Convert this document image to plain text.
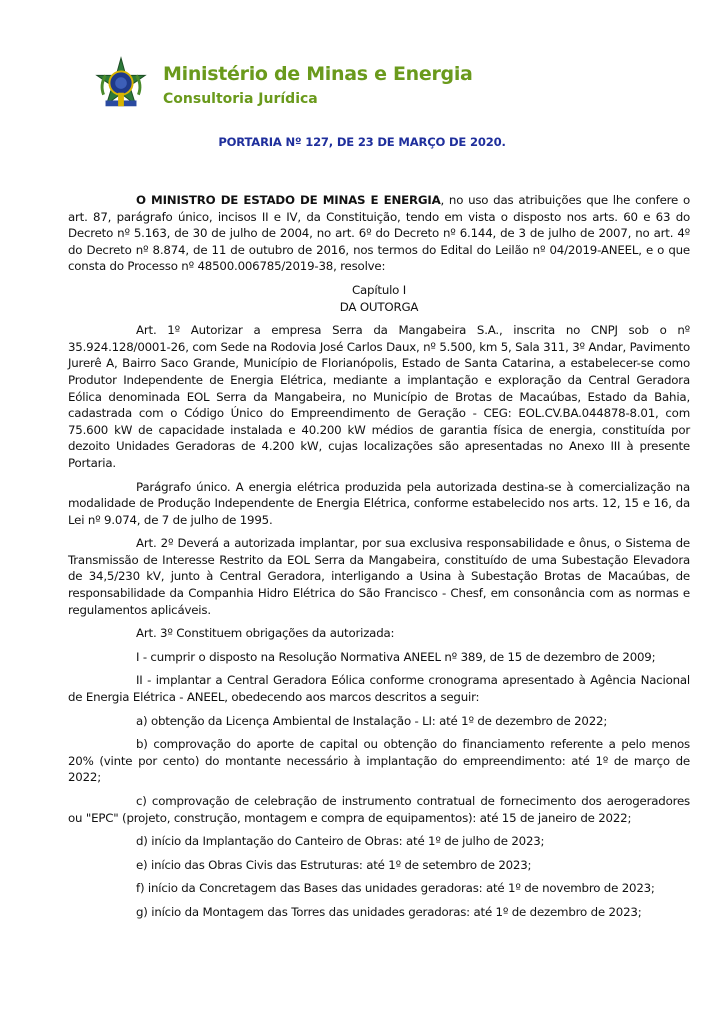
Ministério de Minas e Energia
Consultoria Jurídica
PORTARIA Nº 127, DE 23 DE MARÇO DE 2020.

O MINISTRO DE ESTADO DE MINAS E ENERGIA, no uso das atribuições que lhe confere o art. 87, parágrafo único, incisos II e IV, da Constituição, tendo em vista o disposto nos arts. 60 e 63 do Decreto nº 5.163, de 30 de julho de 2004, no art. 6º do Decreto nº 6.144, de 3 de julho de 2007, no art. 4º do Decreto nº 8.874, de 11 de outubro de 2016, nos termos do Edital do Leilão nº 04/2019-ANEEL, e o que consta do Processo nº 48500.006785/2019-38, resolve:

Capítulo I

DA OUTORGA

Art. 1º Autorizar a empresa Serra da Mangabeira S.A., inscrita no CNPJ sob o nº 35.924.128/0001-26, com Sede na Rodovia José Carlos Daux, nº 5.500, km 5, Sala 311, 3º Andar, Pavimento Jurerê A, Bairro Saco Grande, Município de Florianópolis, Estado de Santa Catarina, a estabelecer-se como Produtor Independente de Energia Elétrica, mediante a implantação e exploração da Central Geradora Eólica denominada EOL Serra da Mangabeira, no Município de Brotas de Macaúbas, Estado da Bahia, cadastrada com o Código Único do Empreendimento de Geração - CEG: EOL.CV.BA.044878-8.01, com 75.600 kW de capacidade instalada e 40.200 kW médios de garantia física de energia, constituída por dezoito Unidades Geradoras de 4.200 kW, cujas localizações são apresentadas no Anexo III à presente Portaria.

Parágrafo único. A energia elétrica produzida pela autorizada destina-se à comercialização na modalidade de Produção Independente de Energia Elétrica, conforme estabelecido nos arts. 12, 15 e 16, da Lei nº 9.074, de 7 de julho de 1995.

Art. 2º Deverá a autorizada implantar, por sua exclusiva responsabilidade e ônus, o Sistema de Transmissão de Interesse Restrito da EOL Serra da Mangabeira, constituído de uma Subestação Elevadora de 34,5/230 kV, junto à Central Geradora, interligando a Usina à Subestação Brotas de Macaúbas, de responsabilidade da Companhia Hidro Elétrica do São Francisco - Chesf, em consonância com as normas e regulamentos aplicáveis.

Art. 3º Constituem obrigações da autorizada:

I - cumprir o disposto na Resolução Normativa ANEEL nº 389, de 15 de dezembro de 2009;

II - implantar a Central Geradora Eólica conforme cronograma apresentado à Agência Nacional de Energia Elétrica - ANEEL, obedecendo aos marcos descritos a seguir:

a) obtenção da Licença Ambiental de Instalação - LI: até 1º de dezembro de 2022;

b) comprovação do aporte de capital ou obtenção do financiamento referente a pelo menos 20% (vinte por cento) do montante necessário à implantação do empreendimento: até 1º de março de 2022;

c) comprovação de celebração de instrumento contratual de fornecimento dos aerogeradores ou "EPC" (projeto, construção, montagem e compra de equipamentos): até 15 de janeiro de 2022;

d) início da Implantação do Canteiro de Obras: até 1º de julho de 2023;

e) início das Obras Civis das Estruturas: até 1º de setembro de 2023;

f) início da Concretagem das Bases das unidades geradoras: até 1º de novembro de 2023;

g) início da Montagem das Torres das unidades geradoras: até 1º de dezembro de 2023;
